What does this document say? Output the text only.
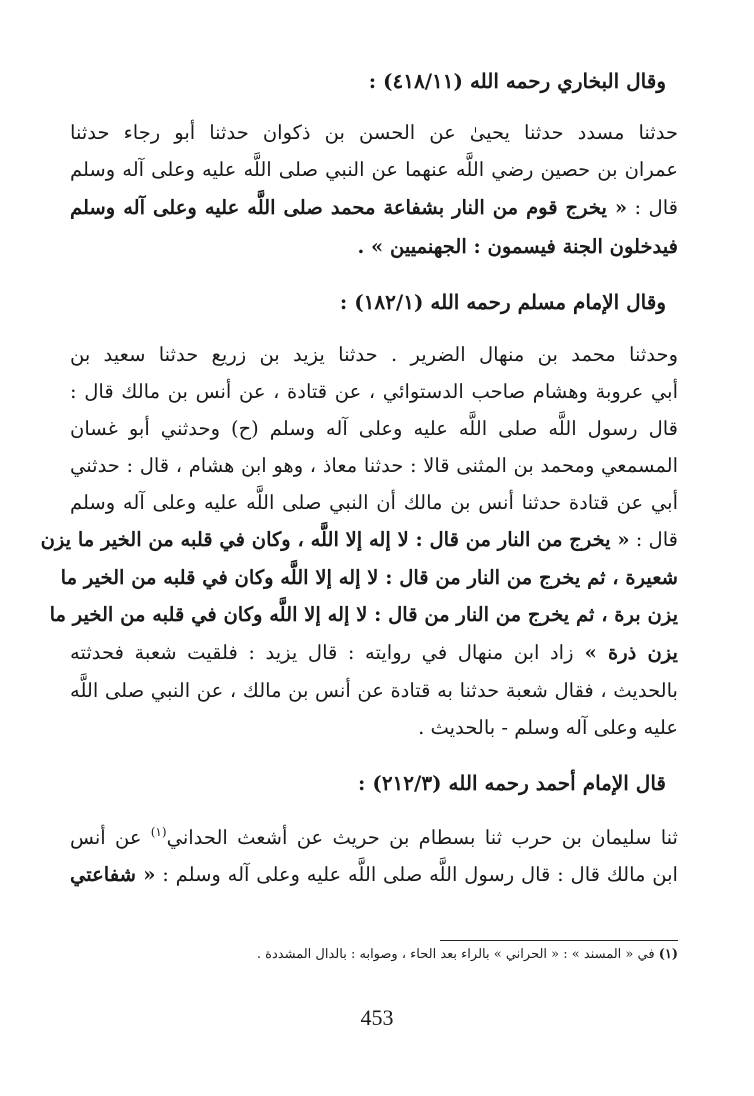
وقال البخاري رحمه الله (٤١٨/١١) :
حدثنا مسدد حدثنا يحيىٰ عن الحسن بن ذكوان حدثنا أبو رجاء حدثنا
عمران بن حصين رضي اللَّه عنهما عن النبي صلى اللَّه عليه وعلى آله وسلم
قال : « يخرج قوم من النار بشفاعة محمد صلى اللَّه عليه وعلى آله وسلم
فيدخلون الجنة فيسمون : الجهنميين » .
وقال الإمام مسلم رحمه الله (١٨٢/١) :
وحدثنا محمد بن منهال الضرير . حدثنا يزيد بن زريع حدثنا سعيد بن
أبي عروبة وهشام صاحب الدستوائي ، عن قتادة ، عن أنس بن مالك قال :
قال رسول اللَّه صلى اللَّه عليه وعلى آله وسلم (ح) وحدثني أبو غسان
المسمعي ومحمد بن المثنى قالا : حدثنا معاذ ، وهو ابن هشام ، قال : حدثني
أبي عن قتادة حدثنا أنس بن مالك أن النبي صلى اللَّه عليه وعلى آله وسلم
قال : « يخرج من النار من قال : لا إله إلا اللَّه ، وكان في قلبه من الخير ما يزن
شعيرة ، ثم يخرج من النار من قال : لا إله إلا اللَّه وكان في قلبه من الخير ما
يزن برة ، ثم يخرج من النار من قال : لا إله إلا اللَّه وكان في قلبه من الخير ما
يزن ذرة » زاد ابن منهال في روايته : قال يزيد : فلقيت شعبة فحدثته
بالحديث ، فقال شعبة حدثنا به قتادة عن أنس بن مالك ، عن النبي صلى اللَّه
عليه وعلى آله وسلم - بالحديث .
قال الإمام أحمد رحمه الله (٢١٢/٣) :
ثنا سليمان بن حرب ثنا بسطام بن حريث عن أشعث الحداني$^{(١)}$ عن أنس
ابن مالك قال : قال رسول اللَّه صلى اللَّه عليه وعلى آله وسلم : « شفاعتي
(١) في « المسند » : « الحراني » بالراء بعد الحاء ، وصوابه : بالدال المشددة .
453
